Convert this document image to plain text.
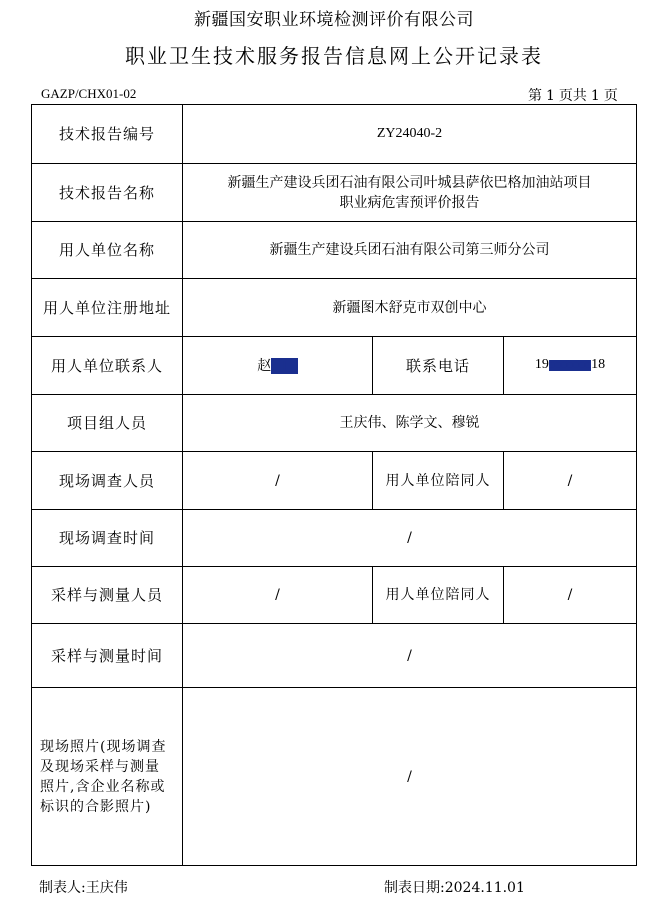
新疆国安职业环境检测评价有限公司
职业卫生技术服务报告信息网上公开记录表
GAZP/CHX01-02	第 1 页共 1 页
技术报告编号	ZY24040-2		
技术报告名称	新疆生产建设兵团石油有限公司叶城县萨依巴格加油站项目
职业病危害预评价报告		

用人单位名称	新疆生产建设兵团石油有限公司第三师分公司		
用人单位注册地址	新疆图木舒克市双创中心		
用人单位联系人	赵■■	联系电话	19■■■■■■■18
项目组人员	王庆伟、陈学文、穆锐		
现场调查人员	/	用人单位陪同人	/
现场调查时间	/		
采样与测量人员	/	用人单位陪同人	/
采样与测量时间	/		

现场照片(现场调查
及现场采样与测量
照片,含企业名称或
标识的合影照片)	/		
制表人:王庆伟	制表日期:2024.11.01
